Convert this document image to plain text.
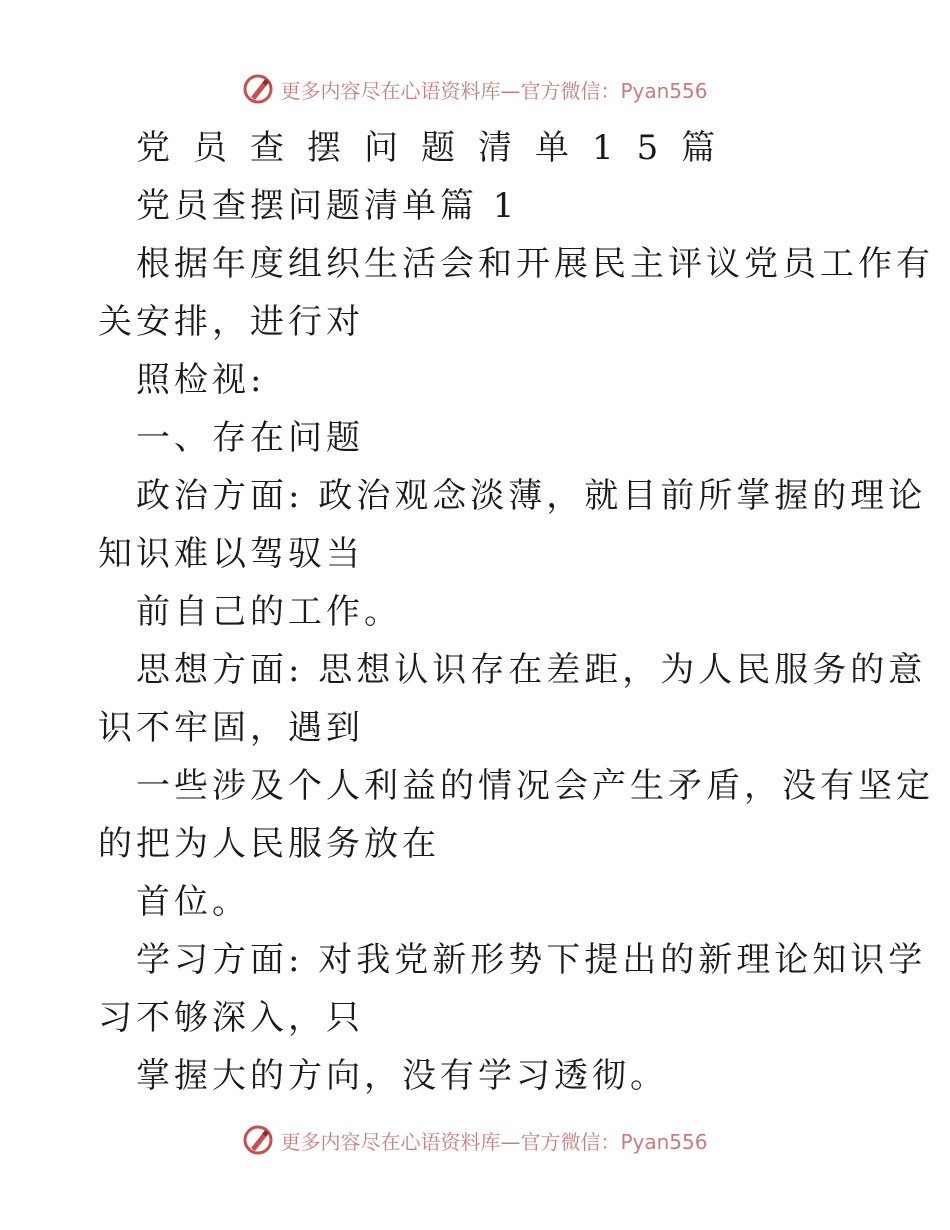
更多内容尽在心语资料库—官方微信：Pyan556
党员查摆问题清单15篇
党员查摆问题清单篇 1
根据年度组织生活会和开展民主评议党员工作有
关安排，进行对
照检视:
一、存在问题
政治方面: 政治观念淡薄，就目前所掌握的理论
知识难以驾驭当
前自己的工作。
思想方面: 思想认识存在差距，为人民服务的意
识不牢固，遇到
一些涉及个人利益的情况会产生矛盾，没有坚定
的把为人民服务放在
首位。
学习方面: 对我党新形势下提出的新理论知识学
习不够深入，只
掌握大的方向，没有学习透彻。
更多内容尽在心语资料库—官方微信：Pyan556
